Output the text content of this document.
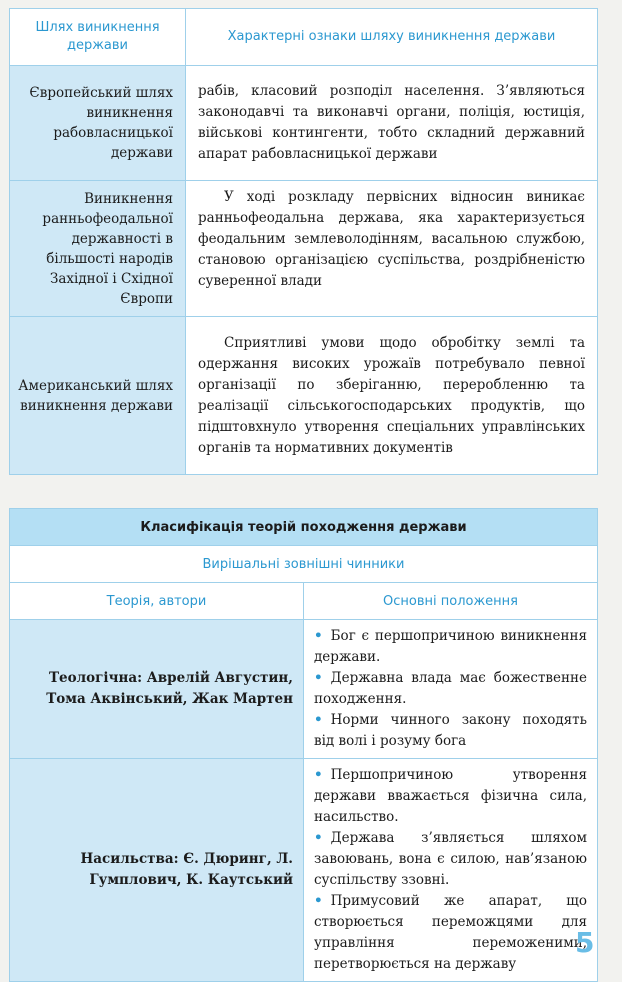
Шлях виникнення держави	Характерні ознаки шляху виникнення держави
Європейський шлях виникнення рабовласницької держави	рабів, класовий розподіл населення. З’являються законодавчі та виконавчі органи, поліція, юстиція, військові контингенти, тобто складний державний апарат рабовласницької держави
Виникнення ранньофеодальної державності в більшості народів Західної і Східної Європи	У ході розкладу первісних відносин виникає ранньофеодальна держава, яка характеризується феодальним землеволодінням, васальною службою, становою організацією суспільства, роздрібненістю суверенної влади
Американський шлях виникнення держави	Сприятливі умови щодо обробітку землі та одержання високих урожаїв потребувало певної організації по зберіганню, переробленню та реалізації сільськогосподарських продуктів, що підштовхнуло утворення спеціальних управлінських органів та нормативних документів
Класифікація теорій походження держави	
Вирішальні зовнішні чинники	
Теорія, автори	Основні положення
Теологічна: Аврелій Августин, Тома Аквінський, Жак Мартен	• Бог є першопричиною виникнення держави.
• Державна влада має божественне походження.
• Норми чинного закону походять від волі і розуму бога

Насильства: Є. Дюринг, Л. Гумплович, К. Каутський	• Першопричиною утворення держави вважається фізична сила, насильство.
• Держава з’являється шляхом завоювань, вона є силою, нав’язаною суспільству ззовні.
• Примусовий же апарат, що створюється переможцями для управління переможеними, перетворюється на державу
5
